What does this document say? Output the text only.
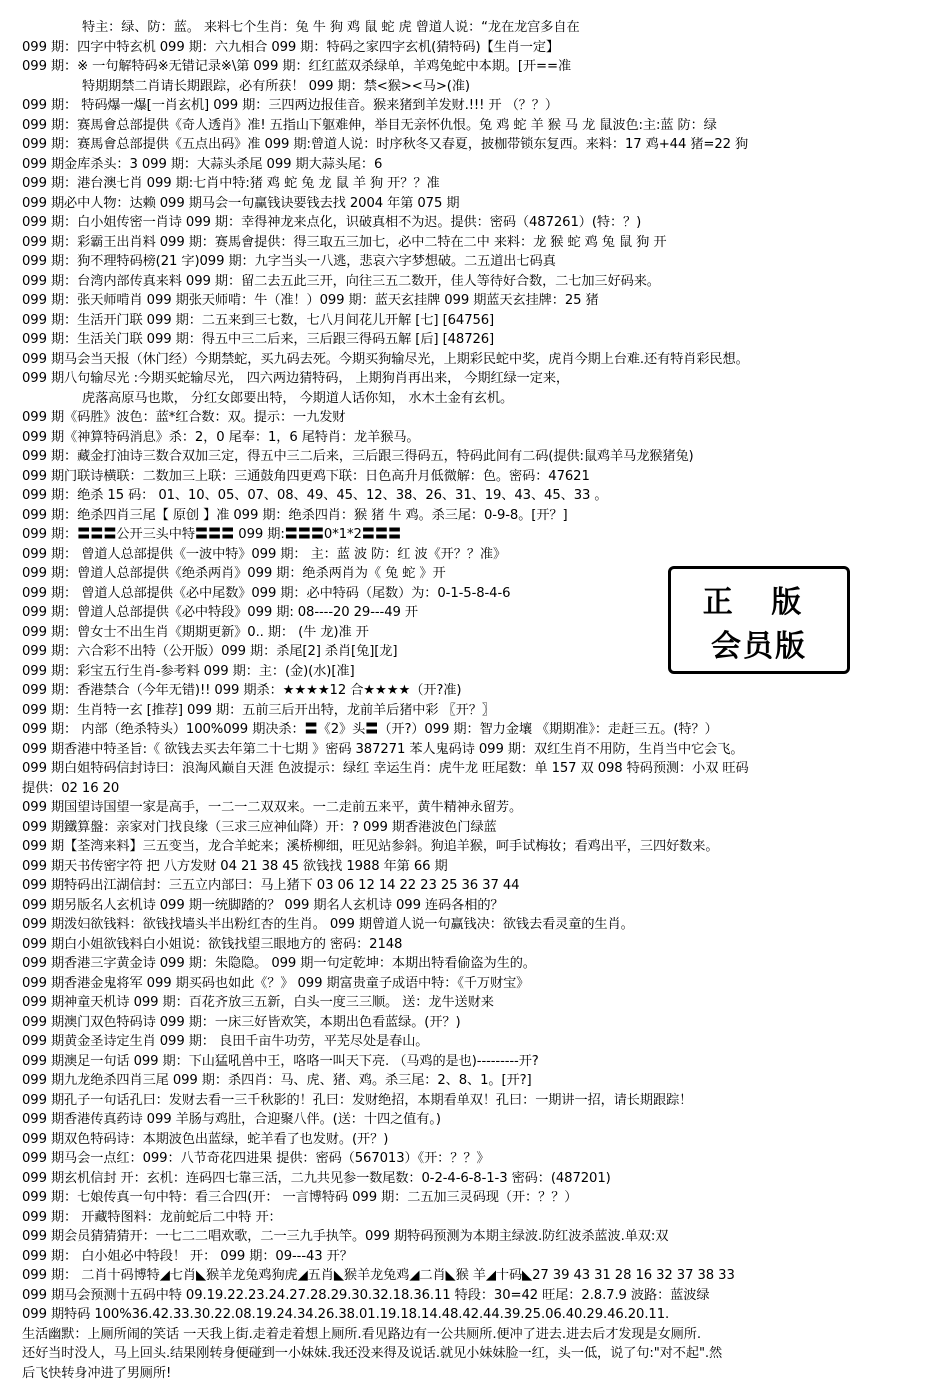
特主：绿、防：蓝。 来料七个生肖：兔 牛 狗 鸡 鼠 蛇 虎 曾道人说：“龙在龙宫多自在
099 期：四字中特玄机 099 期：六九相合 099 期：特码之家四字玄机(猜特码)【生肖一定】
099 期：※ 一句解特码※无错记录※\第 099 期：红红蓝双杀绿单，羊鸡兔蛇中本期。[开==准
特期期禁二肖请长期跟踪，必有所获！ 099 期：禁<猴><马>(准)
099 期： 特码爆一爆[一肖玄机] 099 期：三四两边报佳音。猴来猪到羊发财.!!! 开 （？？）
099 期：赛馬會总部提供《奇人透肖》准! 五指山下躯难伸，举目无亲怀仇恨。兔 鸡 蛇 羊 猴 马 龙 鼠波色:主:蓝 防：绿
099 期：赛馬會总部提供《五点出码》准 099 期:曾道人说：时序秋冬又春夏，披枷带锁东复西。来料：17 鸡+44 猪=22 狗
099 期金库杀头：3 099 期：大蒜头杀尾 099 期大蒜头尾：6
099 期：港台澳七肖 099 期:七肖中特:猪 鸡 蛇 兔 龙 鼠 羊 狗 开？？准
099 期必中人物：达赖 099 期马会一句赢钱诀要钱去找 2004 年第 075 期
099 期：白小姐传密一肖诗 099 期：幸得神龙来点化，识破真相不为迟。提供：密码（487261）(特：？)
099 期：彩霸王出肖料 099 期：赛馬會提供：得三取五三加七，必中二特在二中 来料：龙 猴 蛇 鸡 兔 鼠 狗 开
099 期：狗不理特码榜(21 字)099 期：九字当头一八逃，悲哀六字梦想破。二五道出七码真
099 期：台湾内部传真来料 099 期：留二去五此三开，向往三五二数开，佳人等待好合数，二七加三好码来。
099 期：张天师啃肖 099 期张天师啃：牛（准！）099 期：蓝天玄挂牌 099 期蓝天玄挂牌：25 猪
099 期：生活开门联 099 期：二五来到三七数，七八月间花儿开解 [七] [64756]
099 期：生活关门联 099 期：得五中三二后来，三后跟三得码五解 [后] [48726]
099 期马会当天报（休门经）今期禁蛇，买九码去死。今期买狗输尽光，上期彩民蛇中奖，虎肖今期上台难.还有特肖彩民想。
099 期八句输尽光 :今期买蛇输尽光， 四六两边猜特码， 上期狗肖再出来， 今期红绿一定来，
虎落高原马也欺， 分红女郎要出特， 今期道人话你知， 水木土金有玄机。
099 期《码胜》波色：蓝*红合数：双。提示：一九发财
099 期《神算特码消息》杀：2，0 尾奉：1，6 尾特肖：龙羊猴马。
099 期：藏金打油诗三数合双加三定，得五中三二后来，三后跟三得码五，特码此间有二码(提供:鼠鸡羊马龙猴猪兔)
099 期门联诗横联：二数加三上联：三通鼓角四更鸡下联：日色高升月低微解：色。密码：47621
099 期：绝杀 15 码： 01、10、05、07、08、49、45、12、38、26、31、19、43、45、33 。
099 期：绝杀四肖三尾【 原创 】准 099 期：绝杀四肖：猴 猪 牛 鸡。杀三尾：0-9-8。[开？]
099 期：〓〓〓公开三头中特〓〓〓 099 期:〓〓〓0*1*2〓〓〓
099 期： 曾道人总部提供《一波中特》099 期： 主：蓝 波 防：红 波《开？？准》
099 期：曾道人总部提供《绝杀两肖》099 期：绝杀两肖为《 兔 蛇 》开
099 期： 曾道人总部提供《必中尾数》099 期：必中特码（尾数）为：0-1-5-8-4-6
099 期：曾道人总部提供《必中特段》099 期: 08----20 29---49 开
099 期：曾女士不出生肖《期期更新》0.. 期： (牛 龙)准 开
099 期：六合彩不出特（公开版）099 期：杀尾[2] 杀肖[兔][龙]
099 期：彩宝五行生肖-参考料 099 期：主：(金)(水)[准]
099 期：香港禁合（今年无错)!! 099 期杀：★★★★12 合★★★★（开?准)
099 期：生肖特一玄 [推荐] 099 期：五前三后开出特，龙前羊后猪中彩 〖开？〗
099 期： 内部（绝杀特头）100%099 期决杀：〓《2》头〓（开?）099 期：智力金壤 《期期准》：走赶三五。(特？）
099 期香港中特圣旨:《 欲钱去买去年第二十七期 》密码 387271 苯人鬼码诗 099 期：双红生肖不用防，生肖当中它会飞。
099 期白姐特码信封诗曰：浪淘风巅自天涯 色波提示：绿红 幸运生肖：虎牛龙 旺尾数：单 157 双 098 特码预测：小双 旺码
提供：02 16 20
099 期国望诗国望一家是高手，一二一二双双来。一二走前五来平，黄牛精神永留芳。
099 期鐵算盤：亲家对门找良缘（三求三应神仙降）开：? 099 期香港波色门绿蓝
099 期【荃湾来料】三五变当，龙合羊蛇来；溪桥柳细，旺见站参斜。狗追羊猴，呵手试梅妆；看鸡出平，三四好数来。
099 期天书传密字符 把 八方发财 04 21 38 45 欲钱找 1988 年第 66 期
099 期特码出江湖信封：三五立内部曰：马上猪下 03 06 12 14 22 23 25 36 37 44
099 期另版名人玄机诗 099 期一统脚踏的？ 099 期名人玄机诗 099 连码各相的？
099 期泼妇欲钱料：欲钱找墙头半出粉红杏的生肖。 099 期曾道人说一句赢钱决：欲钱去看灵童的生肖。
099 期白小姐欲钱料白小姐说：欲钱找望三眼地方的 密码：2148
099 期香港三字黄金诗 099 期：朱隐隐。 099 期一句定乾坤：本期出特看偷盗为生的。
099 期香港金鬼将军 099 期买码也如此《？》 099 期富贵童子成语中特：《千万财宝》
099 期神童天机诗 099 期：百花齐放三五新，白头一度三三顺。 送：龙牛送财来
099 期澳门双色特码诗 099 期：一床三好皆欢笑，本期出色看蓝绿。(开？)
099 期黄金圣诗定生肖 099 期： 良田千亩牛功劳，平芜尽处是春山。
099 期澳足一句话 099 期：下山猛吼兽中王，咯咯一叫天下亮. （马鸡的是也)---------开?
099 期九龙绝杀四肖三尾 099 期：杀四肖：马、虎、猪、鸡。杀三尾：2、8、1。[开?]
099 期孔子一句话孔曰：发财去看一三千秋影的！孔曰：发财绝招，本期看单双！孔曰：一期讲一招，请长期跟踪！
099 期香港传真药诗 099 羊肠与鸡肚，合迎聚八伴。(送：十四之值有。)
099 期双色特码诗：本期波色出蓝绿，蛇羊看了也发财。(开？)
099 期马会一点红：099：八节奇花四进果 提供：密码（567013）《开：？？》
099 期玄机信封 开：玄机：连码四七靠三活，二九共见参一数尾数：0-2-4-6-8-1-3 密码：(487201)
099 期：七娘传真一句中特：看三合四(开： 一言博特码 099 期：二五加三灵码现（开：？？）
099 期： 开藏特图料：龙前蛇后二中特 开：
099 期会员猜猜猜开：一七二二唱欢歌，二一三九手执竿。099 期特码预测为本期主绿波.防红波杀蓝波.单双:双
099 期： 白小姐必中特段！ 开： 099 期：09---43 开？
099 期： 二肖十码博特◢七肖◣猴羊龙兔鸡狗虎◢五肖◣猴羊龙兔鸡◢二肖◣猴 羊◢十码◣27 39 43 31 28 16 32 37 38 33
099 期马会预测十五码中特 09.19.22.23.24.27.28.29.30.32.18.36.11 特段：30=42 旺尾：2.8.7.9 波路：蓝波绿
099 期特码 100%36.42.33.30.22.08.19.24.34.26.38.01.19.18.14.48.42.44.39.25.06.40.29.46.20.11.
生活幽默：上厕所闹的笑话 一天我上街.走着走着想上厕所.看见路边有一公共厕所.便冲了进去.进去后才发现是女厕所.
还好当时没人，马上回头.结果刚转身便碰到一小妹妹.我还没来得及说话.就见小妹妹脸一红，头一低，说了句:"对不起".然
后飞快转身冲进了男厕所!
正 版
会员版
